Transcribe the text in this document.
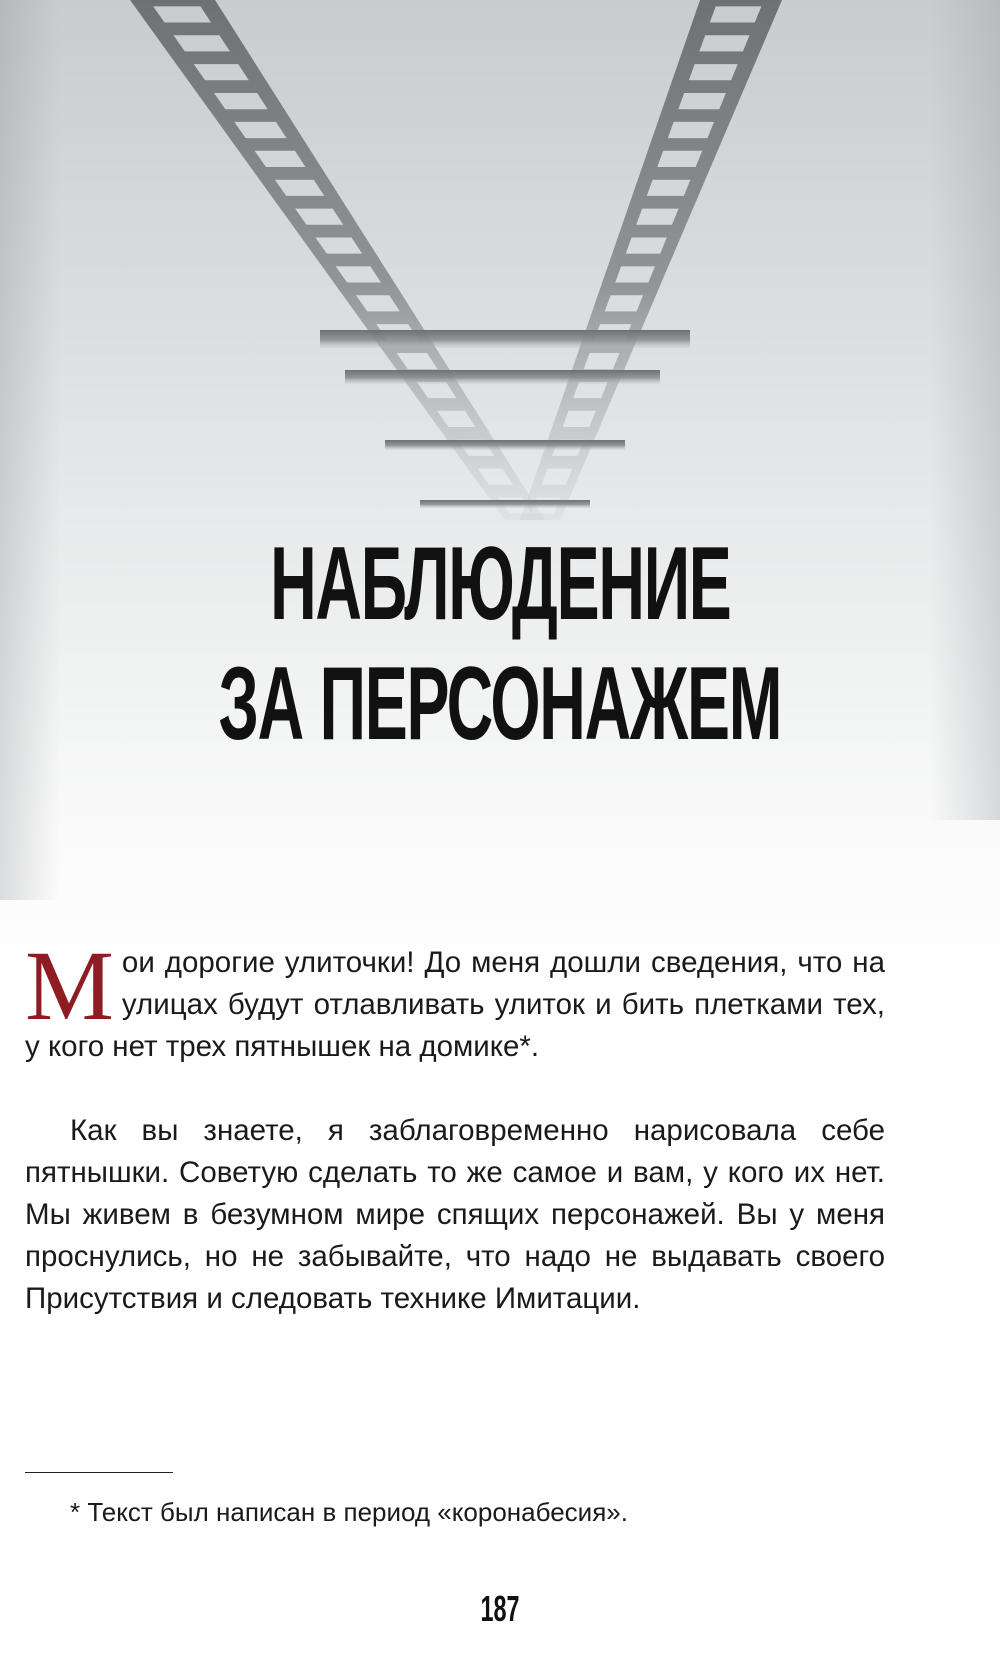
НАБЛЮДЕНИЕ
ЗА ПЕРСОНАЖЕМ
Мои дорогие улиточки! До меня дошли сведения, что на улицах будут отлавливать улиток и бить плетками тех, у кого нет трех пятнышек на домике*.
Как вы знаете, я заблаговременно нарисовала себе пятнышки. Советую сделать то же самое и вам, у кого их нет. Мы живем в безумном мире спящих персонажей. Вы у меня проснулись, но не забывайте, что надо не выдавать своего Присутствия и следовать технике Имитации.
* Текст был написан в период «коронабесия».
187
